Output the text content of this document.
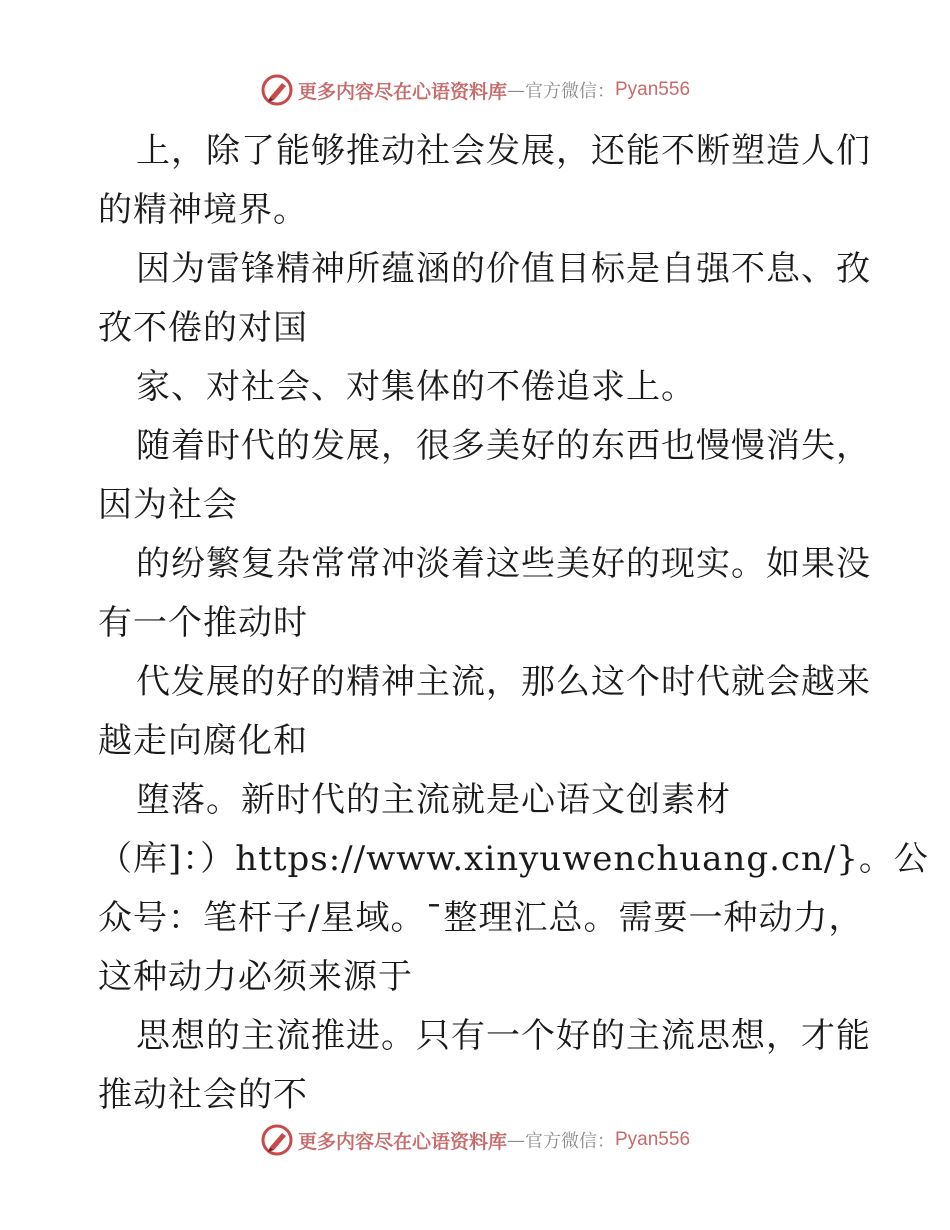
更多内容尽在心语资料库 — 官方微信： Pyan556
上，除了能够推动社会发展，还能不断塑造人们
的精神境界。
因为雷锋精神所蕴涵的价值目标是自强不息、孜
孜不倦的对国
家、对社会、对集体的不倦追求上。
随着时代的发展，很多美好的东西也慢慢消失，
因为社会
的纷繁复杂常常冲淡着这些美好的现实。如果没
有一个推动时
代发展的好的精神主流，那么这个时代就会越来
越走向腐化和
堕落。新时代的主流就是心语文创素材
（库]：）https://www.xinyuwenchuang.cn/}。公
众号：笔杆子/星域。¯整理汇总。需要一种动力，
这种动力必须来源于
思想的主流推进。只有一个好的主流思想，才能
推动社会的不
更多内容尽在心语资料库 — 官方微信： Pyan556
